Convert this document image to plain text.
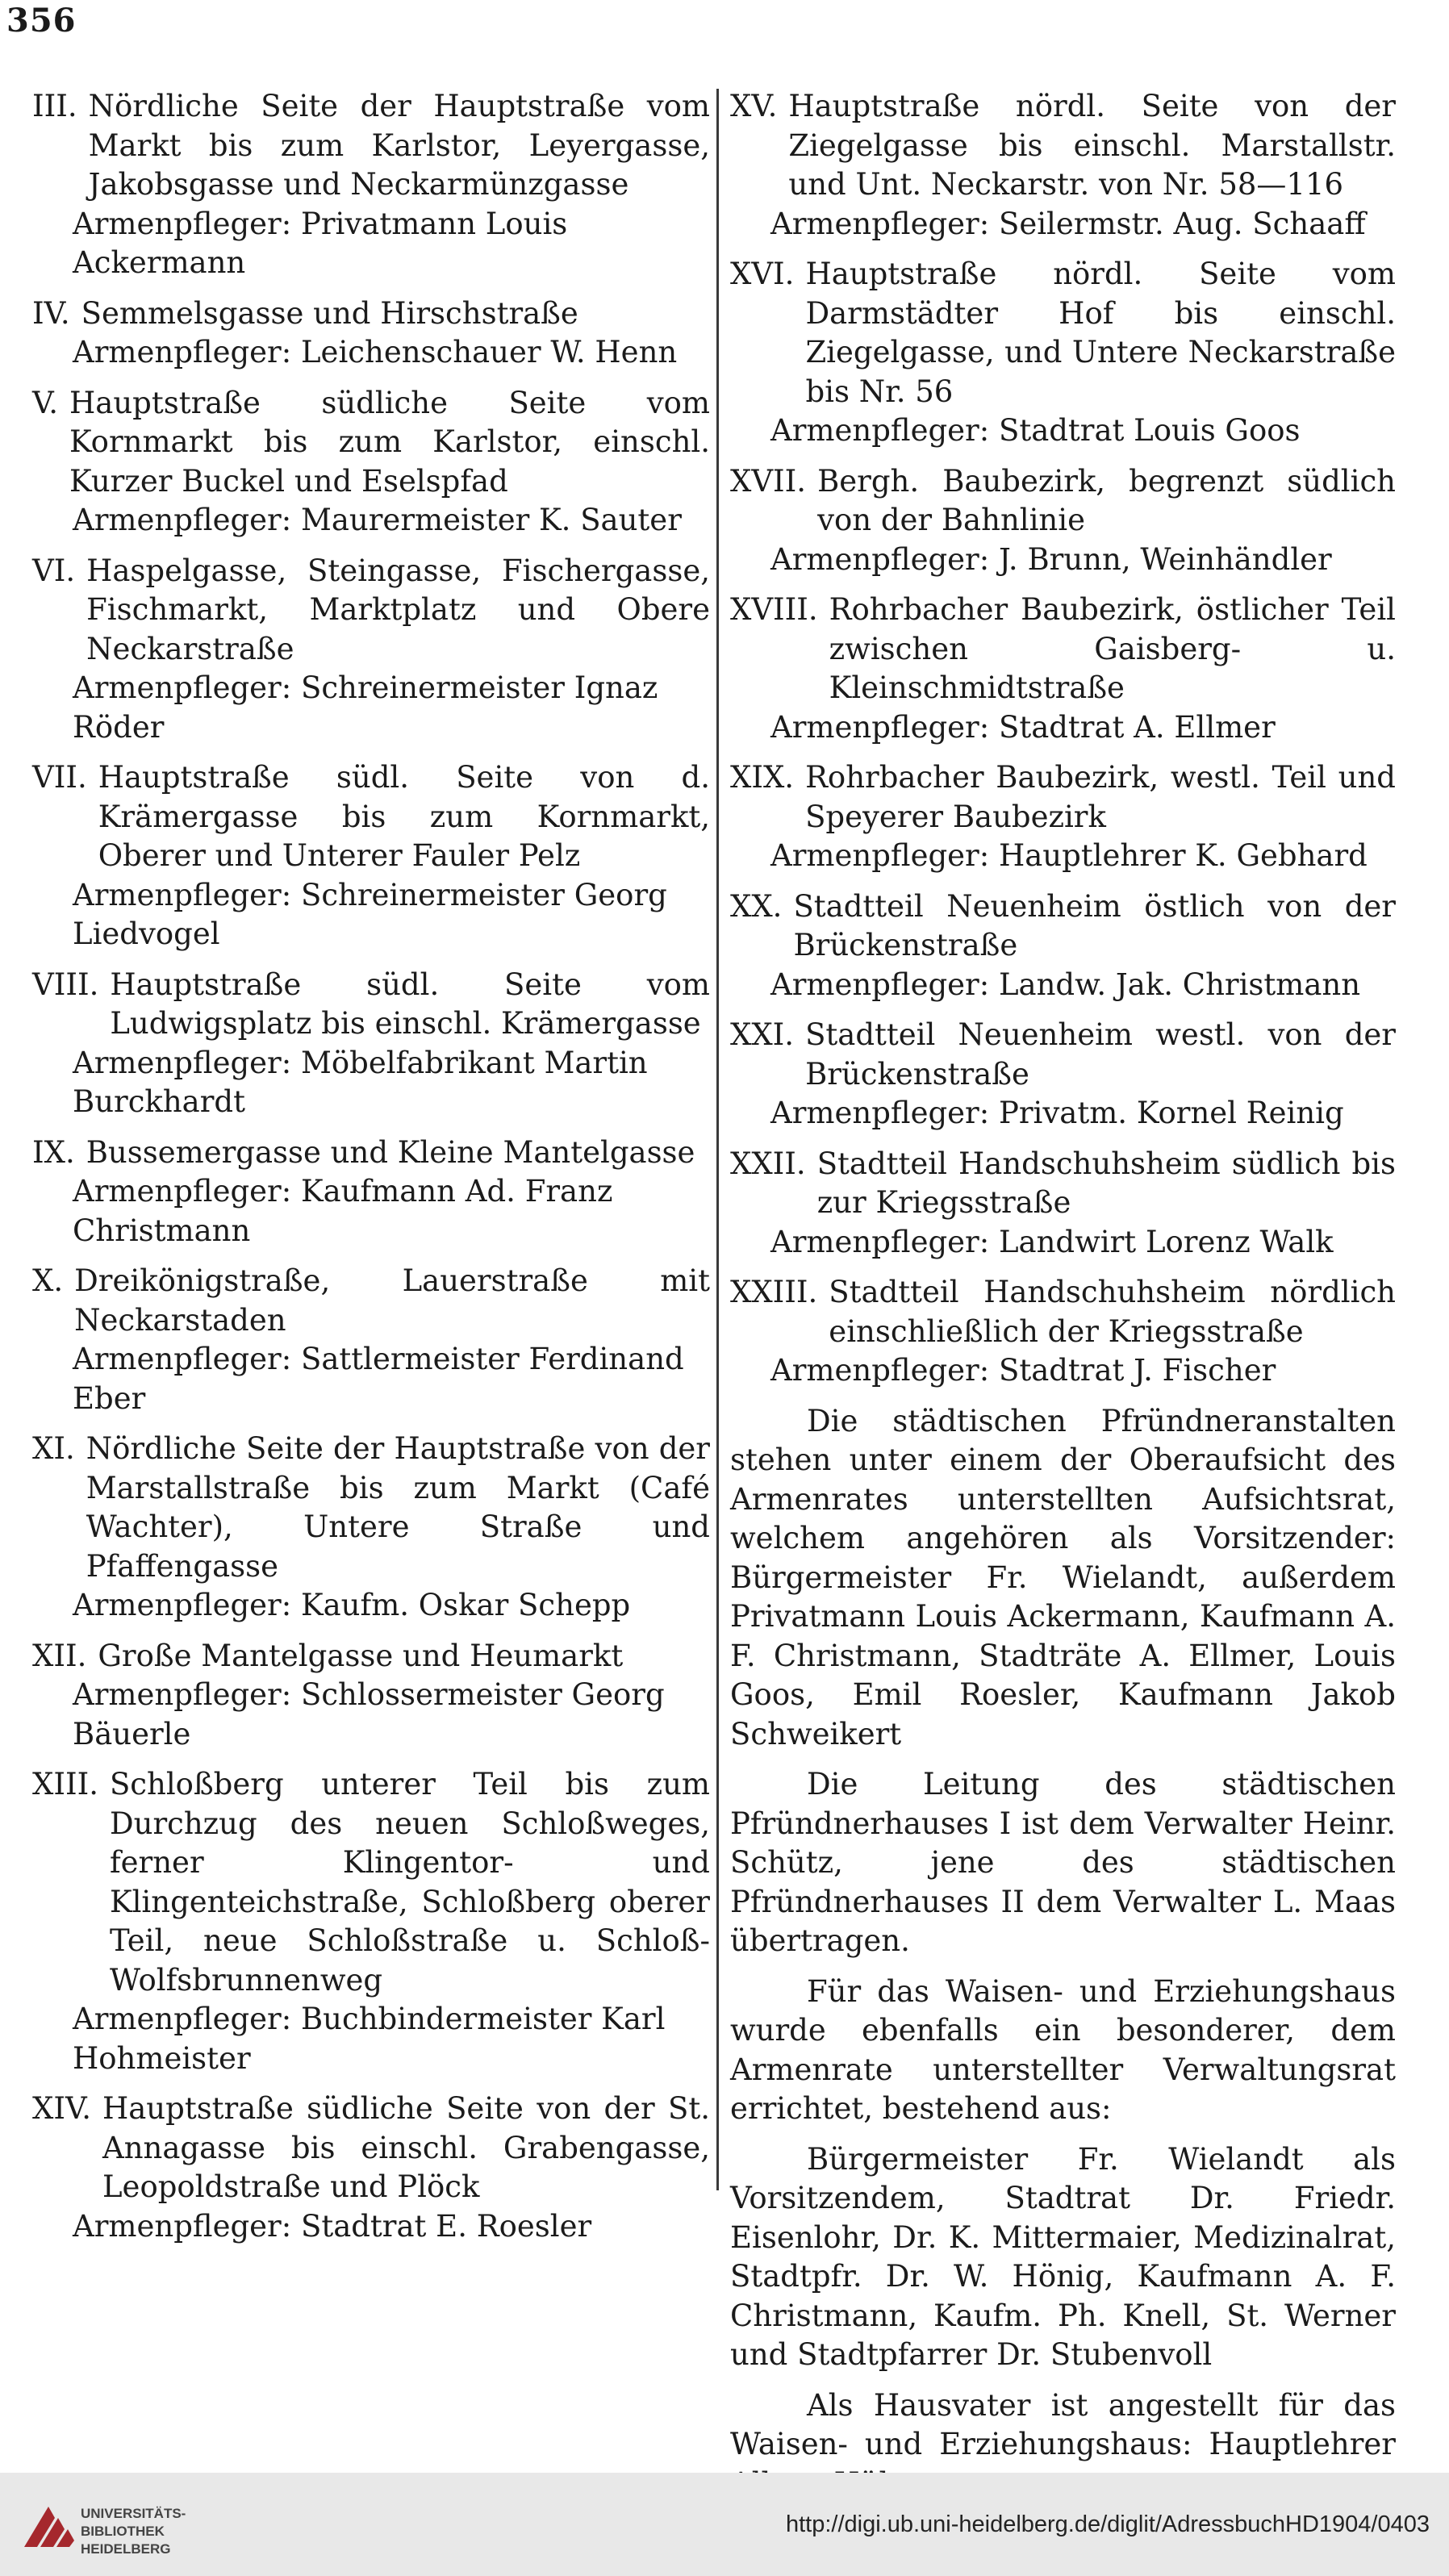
356
III. Nördliche Seite der Hauptstraße vom Markt bis zum Karlstor, Leyergasse, Jakobsgasse und Neckarmünzgasse
Armenpfleger: Privatmann Louis Ackermann
IV. Semmelsgasse und Hirschstraße
Armenpfleger: Leichenschauer W. Henn
V. Hauptstraße südliche Seite vom Kornmarkt bis zum Karlstor, einschl. Kurzer Buckel und Eselspfad
Armenpfleger: Maurermeister K. Sauter
VI. Haspelgasse, Steingasse, Fischergasse, Fischmarkt, Marktplatz und Obere Neckarstraße
Armenpfleger: Schreinermeister Ignaz Röder
VII. Hauptstraße südl. Seite von d. Krämergasse bis zum Kornmarkt, Oberer und Unterer Fauler Pelz
Armenpfleger: Schreinermeister Georg Liedvogel
VIII. Hauptstraße südl. Seite vom Ludwigsplatz bis einschl. Krämergasse
Armenpfleger: Möbelfabrikant Martin Burckhardt
IX. Bussemergasse und Kleine Mantelgasse
Armenpfleger: Kaufmann Ad. Franz Christmann
X. Dreikönigstraße, Lauerstraße mit Neckarstaden
Armenpfleger: Sattlermeister Ferdinand Eber
XI. Nördliche Seite der Hauptstraße von der Marstallstraße bis zum Markt (Café Wachter), Untere Straße und Pfaffengasse
Armenpfleger: Kaufm. Oskar Schepp
XII. Große Mantelgasse und Heumarkt
Armenpfleger: Schlossermeister Georg Bäuerle
XIII. Schloßberg unterer Teil bis zum Durchzug des neuen Schloßweges, ferner Klingentor- und Klingenteichstraße, Schloßberg oberer Teil, neue Schloßstraße u. Schloß-Wolfsbrunnenweg
Armenpfleger: Buchbindermeister Karl Hohmeister
XIV. Hauptstraße südliche Seite von der St. Annagasse bis einschl. Grabengasse, Leopoldstraße und Plöck
Armenpfleger: Stadtrat E. Roesler
XV. Hauptstraße nördl. Seite von der Ziegelgasse bis einschl. Marstallstr. und Unt. Neckarstr. von Nr. 58—116
Armenpfleger: Seilermstr. Aug. Schaaff
XVI. Hauptstraße nördl. Seite vom Darmstädter Hof bis einschl. Ziegelgasse, und Untere Neckarstraße bis Nr. 56
Armenpfleger: Stadtrat Louis Goos
XVII. Bergh. Baubezirk, begrenzt südlich von der Bahnlinie
Armenpfleger: J. Brunn, Weinhändler
XVIII. Rohrbacher Baubezirk, östlicher Teil zwischen Gaisberg- u. Kleinschmidtstraße
Armenpfleger: Stadtrat A. Ellmer
XIX. Rohrbacher Baubezirk, westl. Teil und Speyerer Baubezirk
Armenpfleger: Hauptlehrer K. Gebhard
XX. Stadtteil Neuenheim östlich von der Brückenstraße
Armenpfleger: Landw. Jak. Christmann
XXI. Stadtteil Neuenheim westl. von der Brückenstraße
Armenpfleger: Privatm. Kornel Reinig
XXII. Stadtteil Handschuhsheim südlich bis zur Kriegsstraße
Armenpfleger: Landwirt Lorenz Walk
XXIII. Stadtteil Handschuhsheim nördlich einschließlich der Kriegsstraße
Armenpfleger: Stadtrat J. Fischer

Die städtischen Pfründneranstalten stehen unter einem der Oberaufsicht des Armenrates unterstellten Aufsichtsrat, welchem angehören als Vorsitzender: Bürgermeister Fr. Wielandt, außerdem Privatmann Louis Ackermann, Kaufmann A. F. Christmann, Stadträte A. Ellmer, Louis Goos, Emil Roesler, Kaufmann Jakob Schweikert

Die Leitung des städtischen Pfründnerhauses I ist dem Verwalter Heinr. Schütz, jene des städtischen Pfründnerhauses II dem Verwalter L. Maas übertragen.

Für das Waisen- und Erziehungshaus wurde ebenfalls ein besonderer, dem Armenrate unterstellter Verwaltungsrat errichtet, bestehend aus:

Bürgermeister Fr. Wielandt als Vorsitzendem, Stadtrat Dr. Friedr. Eisenlohr, Dr. K. Mittermaier, Medizinalrat, Stadtpfr. Dr. W. Hönig, Kaufmann A. F. Christmann, Kaufm. Ph. Knell, St. Werner und Stadtpfarrer Dr. Stubenvoll

Als Hausvater ist angestellt für das Waisen- und Erziehungshaus: Hauptlehrer

UNIVERSITÄTS-
BIBLIOTHEK
HEIDELBERG
http://digi.ub.uni-heidelberg.de/diglit/AdressbuchHD1904/0403
